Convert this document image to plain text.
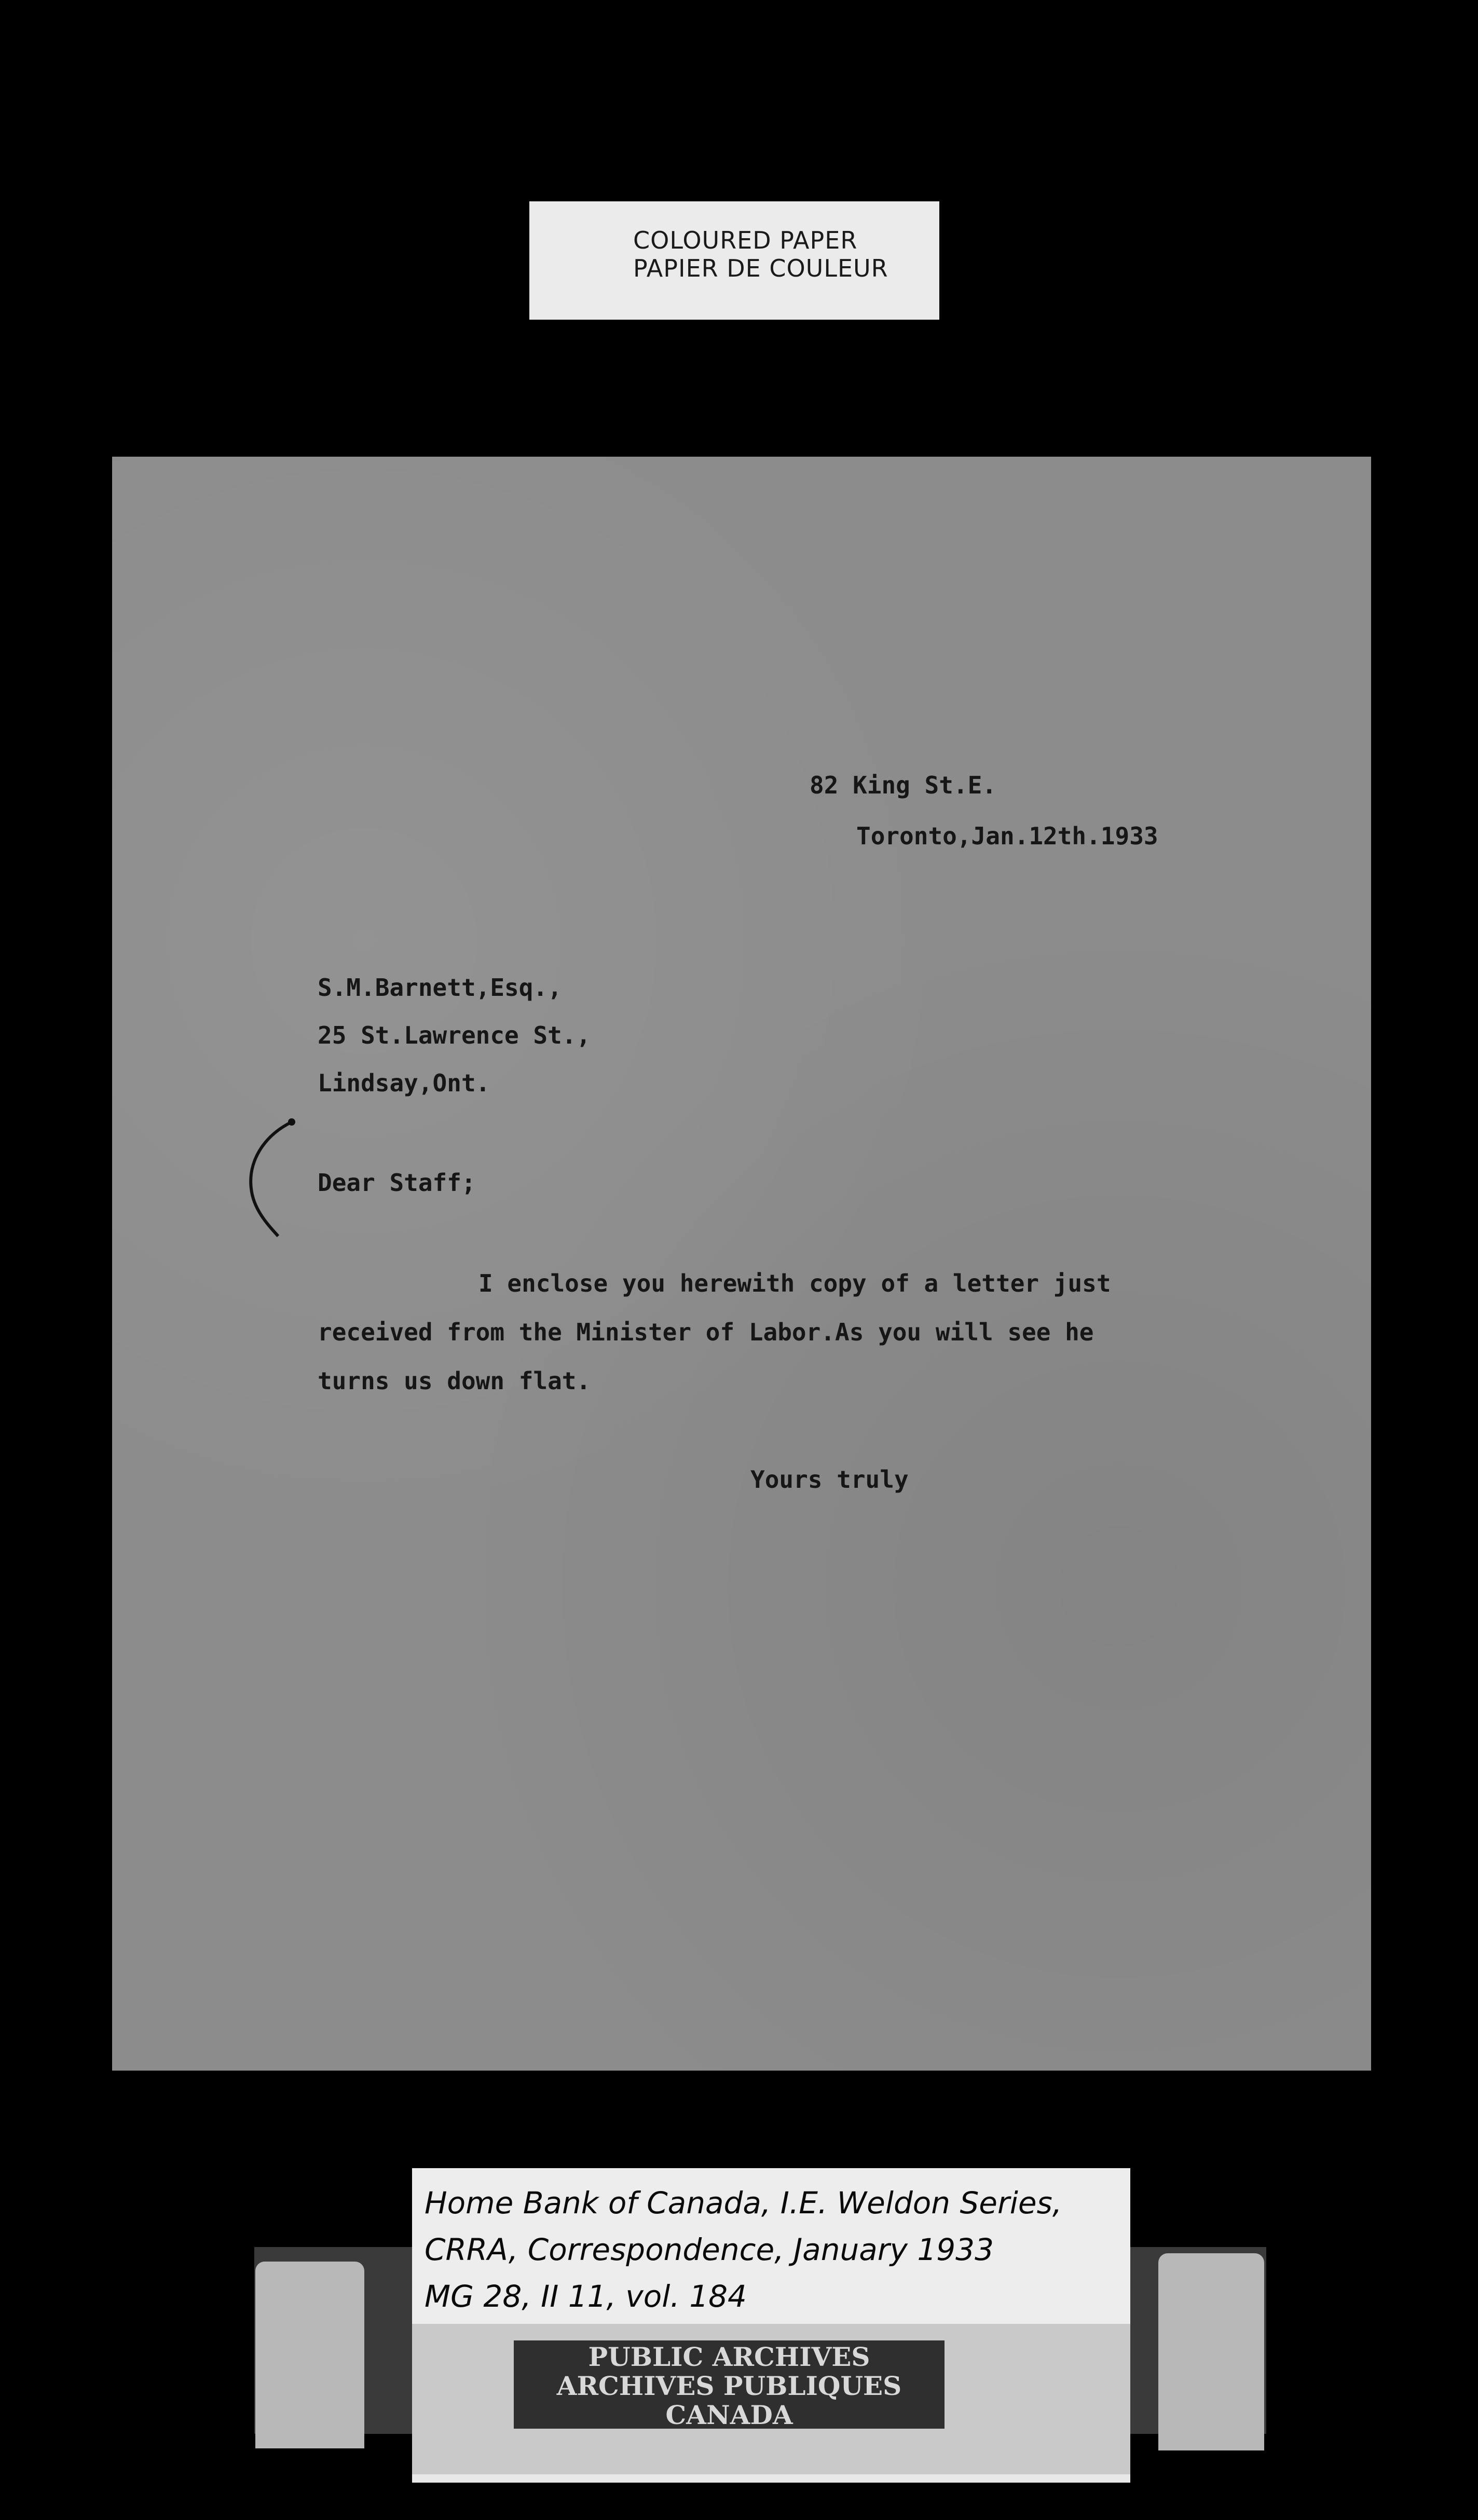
COLOURED PAPER
PAPIER DE COULEUR
82 King St.E.
Toronto,Jan.12th.1933
S.M.Barnett,Esq.,
25 St.Lawrence St.,
Lindsay,Ont.
Dear Staff;
I enclose you herewith copy of a letter just
received from the Minister of Labor.As you will see he
turns us down flat.
Yours truly
Home Bank of Canada, I.E. Weldon Series,
CRRA, Correspondence, January 1933
MG 28, II 11, vol. 184
PUBLIC ARCHIVES
ARCHIVES PUBLIQUES
CANADA
